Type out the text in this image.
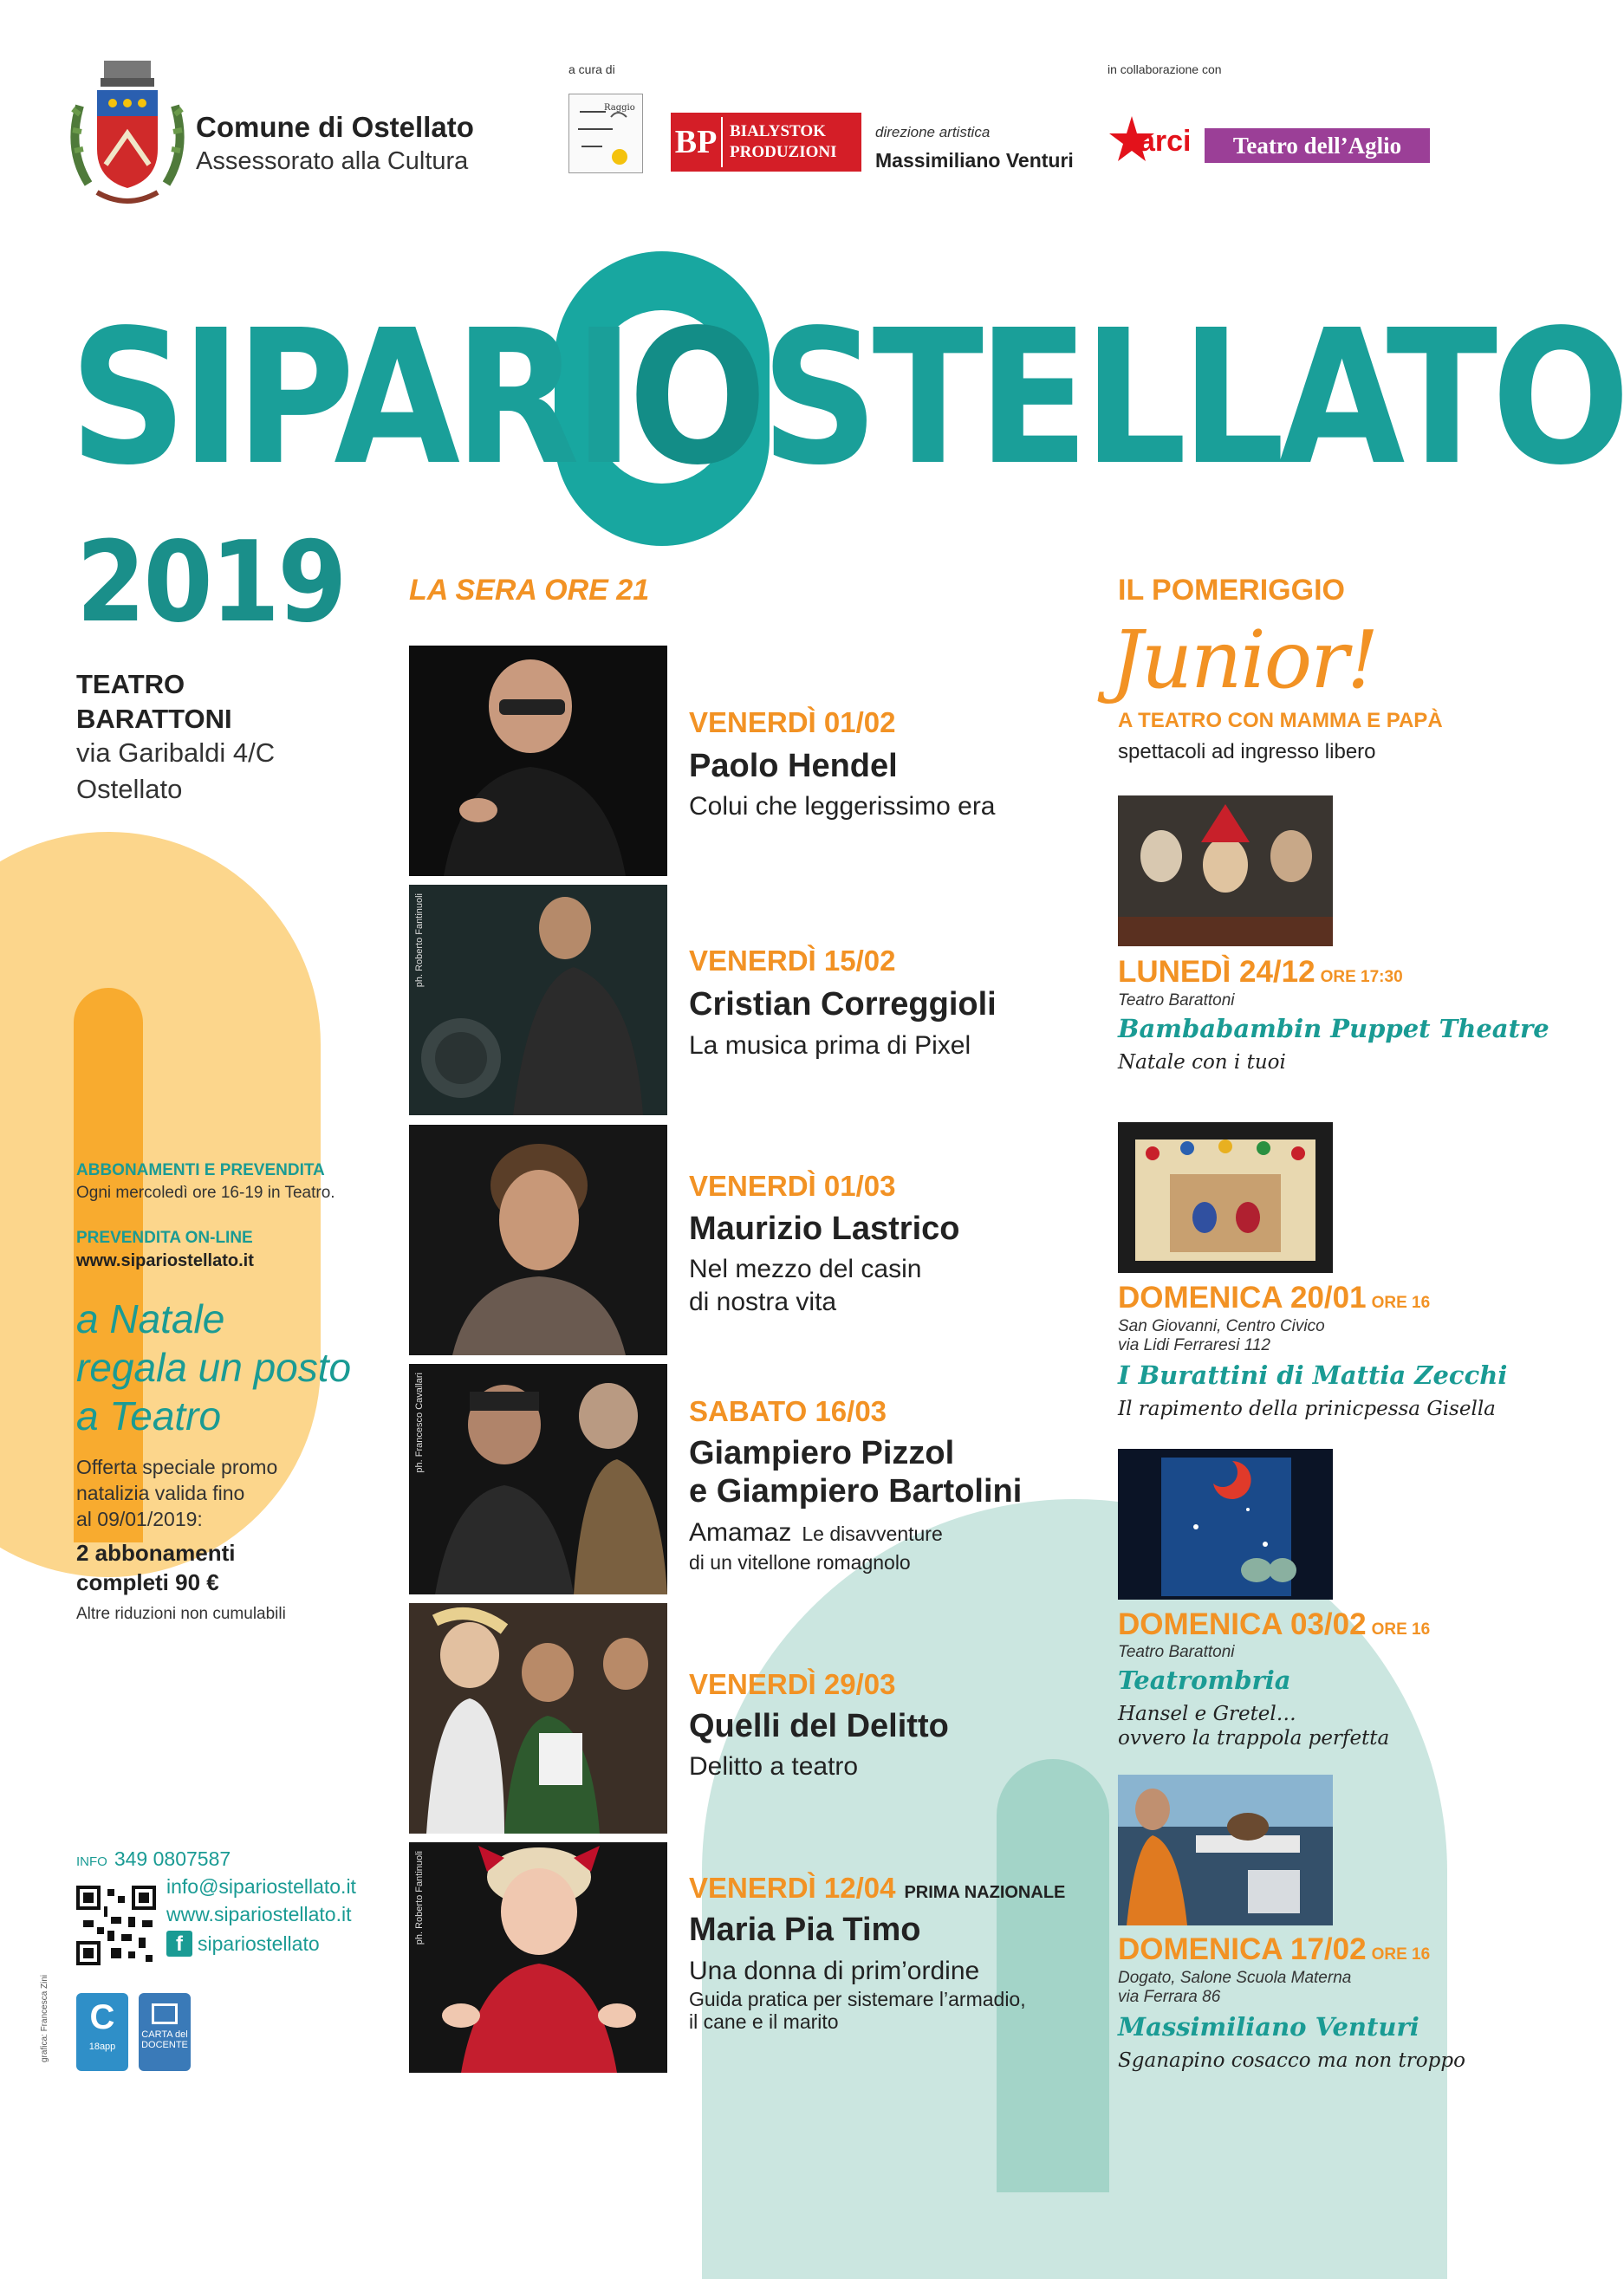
Comune di Ostellato
Assessorato alla Cultura
a cura di
Raggio
BP BIALYSTOK
PRODUZIONI
direzione artistica
Massimiliano Venturi
in collaborazione con
arci	Teatro dell’Aglio
SIPARIOSTELLATO
2019
TEATRO
BARATTONI
via Garibaldi 4/C
Ostellato
ABBONAMENTI E PREVENDITA
Ogni mercoledì ore 16-19 in Teatro.
PREVENDITA ON-LINE
www.sipariostellato.it
a Natale
regala un posto
a Teatro
Offerta speciale promo
natalizia valida fino
al 09/01/2019:
2 abbonamenti
completi 90 €
Altre riduzioni non cumulabili
INFO 349 0807587
info@sipariostellato.it
www.sipariostellato.it
f sipariostellato
C
18app
CARTA del DOCENTE
grafica: Francesca Zini
LA SERA ORE 21
VENERDÌ 01/02
Paolo Hendel
Colui che leggerissimo era
ph. Roberto Fantinuoli	VENERDÌ 15/02
Cristian Correggioli
La musica prima di Pixel
VENERDÌ 01/03
Maurizio Lastrico
Nel mezzo del casin
di nostra vita
ph. Francesco Cavallari	SABATO 16/03
Giampiero Pizzol
e Giampiero Bartolini
Amamaz Le disavventure
di un vitellone romagnolo
VENERDÌ 29/03
Quelli del Delitto
Delitto a teatro
ph. Roberto Fantinuoli	VENERDÌ 12/04 PRIMA NAZIONALE
Maria Pia Timo
Una donna di prim’ordine
Guida pratica per sistemare l’armadio,
il cane e il marito
IL POMERIGGIO
Junior!
A TEATRO CON MAMMA E PAPÀ
spettacoli ad ingresso libero
LUNEDÌ 24/12 ORE 17:30
Teatro Barattoni
Bambabambin Puppet Theatre
Natale con i tuoi
DOMENICA 20/01 ORE 16
San Giovanni, Centro Civico
via Lidi Ferraresi 112
I Burattini di Mattia Zecchi
Il rapimento della prinicpessa Gisella
DOMENICA 03/02 ORE 16
Teatro Barattoni
Teatrombria
Hansel e Gretel…
ovvero la trappola perfetta
DOMENICA 17/02 ORE 16
Dogato, Salone Scuola Materna
via Ferrara 86
Massimiliano Venturi
Sganapino cosacco ma non troppo
